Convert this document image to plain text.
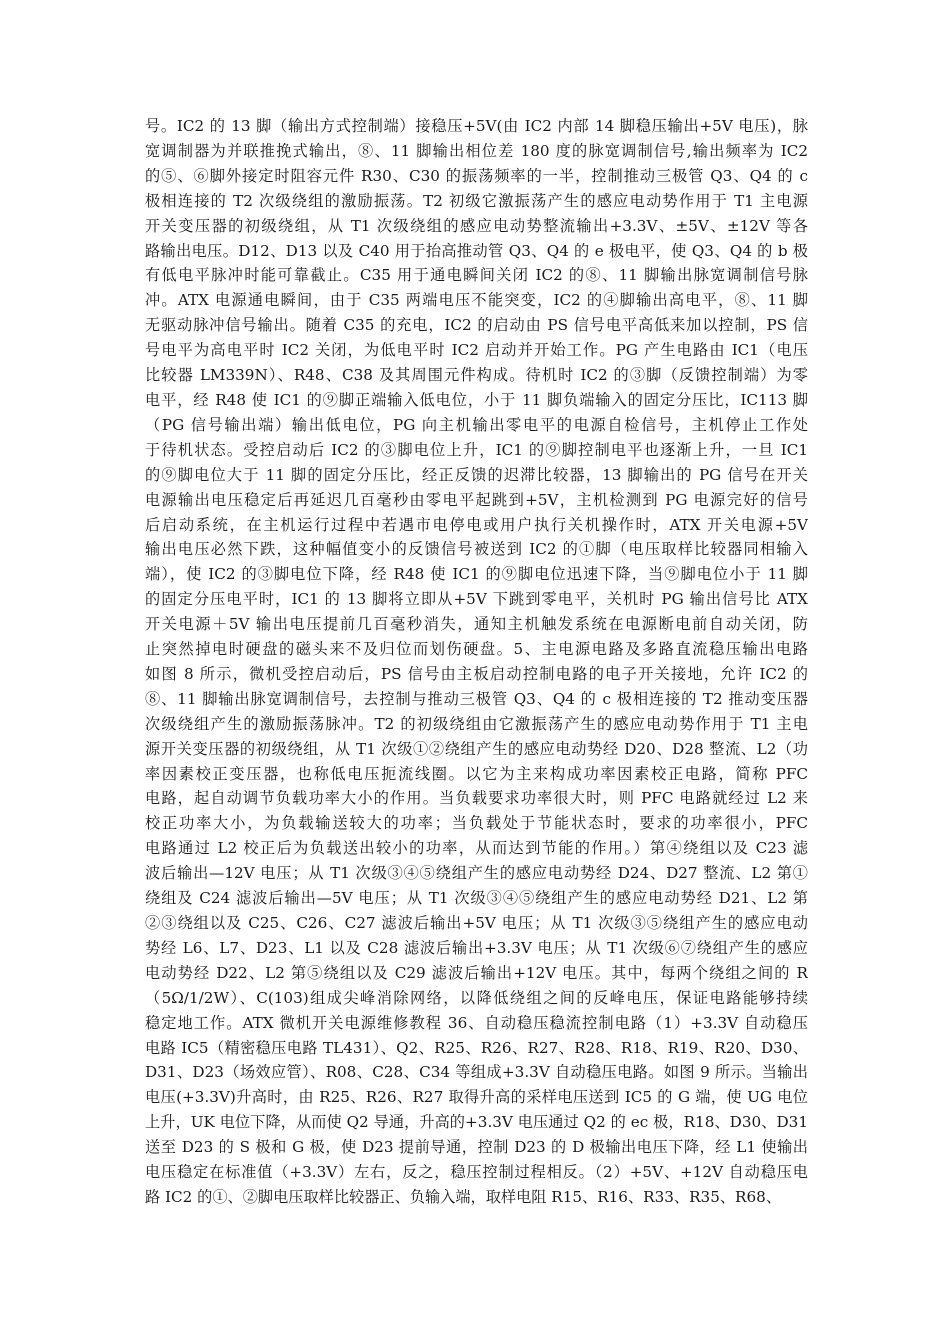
号。IC2 的 13 脚（输出方式控制端）接稳压+5V(由 IC2 内部 14 脚稳压输出+5V 电压)，脉
宽调制器为并联推挽式输出，⑧、11 脚输出相位差 180 度的脉宽调制信号,输出频率为 IC2
的⑤、⑥脚外接定时阻容元件 R30、C30 的振荡频率的一半，控制推动三极管 Q3、Q4 的 c
极相连接的 T2 次级绕组的激励振荡。T2 初级它激振荡产生的感应电动势作用于 T1 主电源
开关变压器的初级绕组，从 T1 次级绕组的感应电动势整流输出+3.3V、±5V、±12V 等各
路输出电压。D12、D13 以及 C40 用于抬高推动管 Q3、Q4 的 e 极电平，使 Q3、Q4 的 b 极
有低电平脉冲时能可靠截止。C35 用于通电瞬间关闭 IC2 的⑧、11 脚输出脉宽调制信号脉
冲。ATX 电源通电瞬间，由于 C35 两端电压不能突变，IC2 的④脚输出高电平，⑧、11 脚
无驱动脉冲信号输出。随着 C35 的充电，IC2 的启动由 PS 信号电平高低来加以控制，PS 信
号电平为高电平时 IC2 关闭，为低电平时 IC2 启动并开始工作。PG 产生电路由 IC1（电压
比较器 LM339N）、R48、C38 及其周围元件构成。待机时 IC2 的③脚（反馈控制端）为零
电平，经 R48 使 IC1 的⑨脚正端输入低电位，小于 11 脚负端输入的固定分压比，IC113 脚
（PG 信号输出端）输出低电位，PG 向主机输出零电平的电源自检信号，主机停止工作处
于待机状态。受控启动后 IC2 的③脚电位上升，IC1 的⑨脚控制电平也逐渐上升，一旦 IC1
的⑨脚电位大于 11 脚的固定分压比，经正反馈的迟滞比较器，13 脚输出的 PG 信号在开关
电源输出电压稳定后再延迟几百毫秒由零电平起跳到+5V，主机检测到 PG 电源完好的信号
后启动系统，在主机运行过程中若遇市电停电或用户执行关机操作时，ATX 开关电源+5V
输出电压必然下跌，这种幅值变小的反馈信号被送到 IC2 的①脚（电压取样比较器同相输入
端），使 IC2 的③脚电位下降，经 R48 使 IC1 的⑨脚电位迅速下降，当⑨脚电位小于 11 脚
的固定分压电平时，IC1 的 13 脚将立即从+5V 下跳到零电平，关机时 PG 输出信号比 ATX
开关电源＋5V 输出电压提前几百毫秒消失，通知主机触发系统在电源断电前自动关闭，防
止突然掉电时硬盘的磁头来不及归位而划伤硬盘。5、主电源电路及多路直流稳压输出电路
如图 8 所示，微机受控启动后，PS 信号由主板启动控制电路的电子开关接地，允许 IC2 的
⑧、11 脚输出脉宽调制信号，去控制与推动三极管 Q3、Q4 的 c 极相连接的 T2 推动变压器
次级绕组产生的激励振荡脉冲。T2 的初级绕组由它激振荡产生的感应电动势作用于 T1 主电
源开关变压器的初级绕组，从 T1 次级①②绕组产生的感应电动势经 D20、D28 整流、L2（功
率因素校正变压器，也称低电压扼流线圈。以它为主来构成功率因素校正电路，简称 PFC
电路，起自动调节负载功率大小的作用。当负载要求功率很大时，则 PFC 电路就经过 L2 来
校正功率大小，为负载输送较大的功率；当负载处于节能状态时，要求的功率很小，PFC
电路通过 L2 校正后为负载送出较小的功率，从而达到节能的作用。）第④绕组以及 C23 滤
波后输出—12V 电压；从 T1 次级③④⑤绕组产生的感应电动势经 D24、D27 整流、L2 第①
绕组及 C24 滤波后输出—5V 电压；从 T1 次级③④⑤绕组产生的感应电动势经 D21、L2 第
②③绕组以及 C25、C26、C27 滤波后输出+5V 电压；从 T1 次级③⑤绕组产生的感应电动
势经 L6、L7、D23、L1 以及 C28 滤波后输出+3.3V 电压；从 T1 次级⑥⑦绕组产生的感应
电动势经 D22、L2 第⑤绕组以及 C29 滤波后输出+12V 电压。其中，每两个绕组之间的 R
（5Ω/1/2W）、C(103)组成尖峰消除网络，以降低绕组之间的反峰电压，保证电路能够持续
稳定地工作。ATX 微机开关电源维修教程 36、自动稳压稳流控制电路（1）+3.3V 自动稳压
电路 IC5（精密稳压电路 TL431）、Q2、R25、R26、R27、R28、R18、R19、R20、D30、
D31、D23（场效应管）、R08、C28、C34 等组成+3.3V 自动稳压电路。如图 9 所示。当输出
电压(+3.3V)升高时，由 R25、R26、R27 取得升高的采样电压送到 IC5 的 G 端，使 UG 电位
上升，UK 电位下降，从而使 Q2 导通，升高的+3.3V 电压通过 Q2 的 ec 极，R18、D30、D31
送至 D23 的 S 极和 G 极，使 D23 提前导通，控制 D23 的 D 极输出电压下降，经 L1 使输出
电压稳定在标准值（+3.3V）左右，反之，稳压控制过程相反。（2）+5V、+12V 自动稳压电
路 IC2 的①、②脚电压取样比较器正、负输入端，取样电阻 R15、R16、R33、R35、R68、
